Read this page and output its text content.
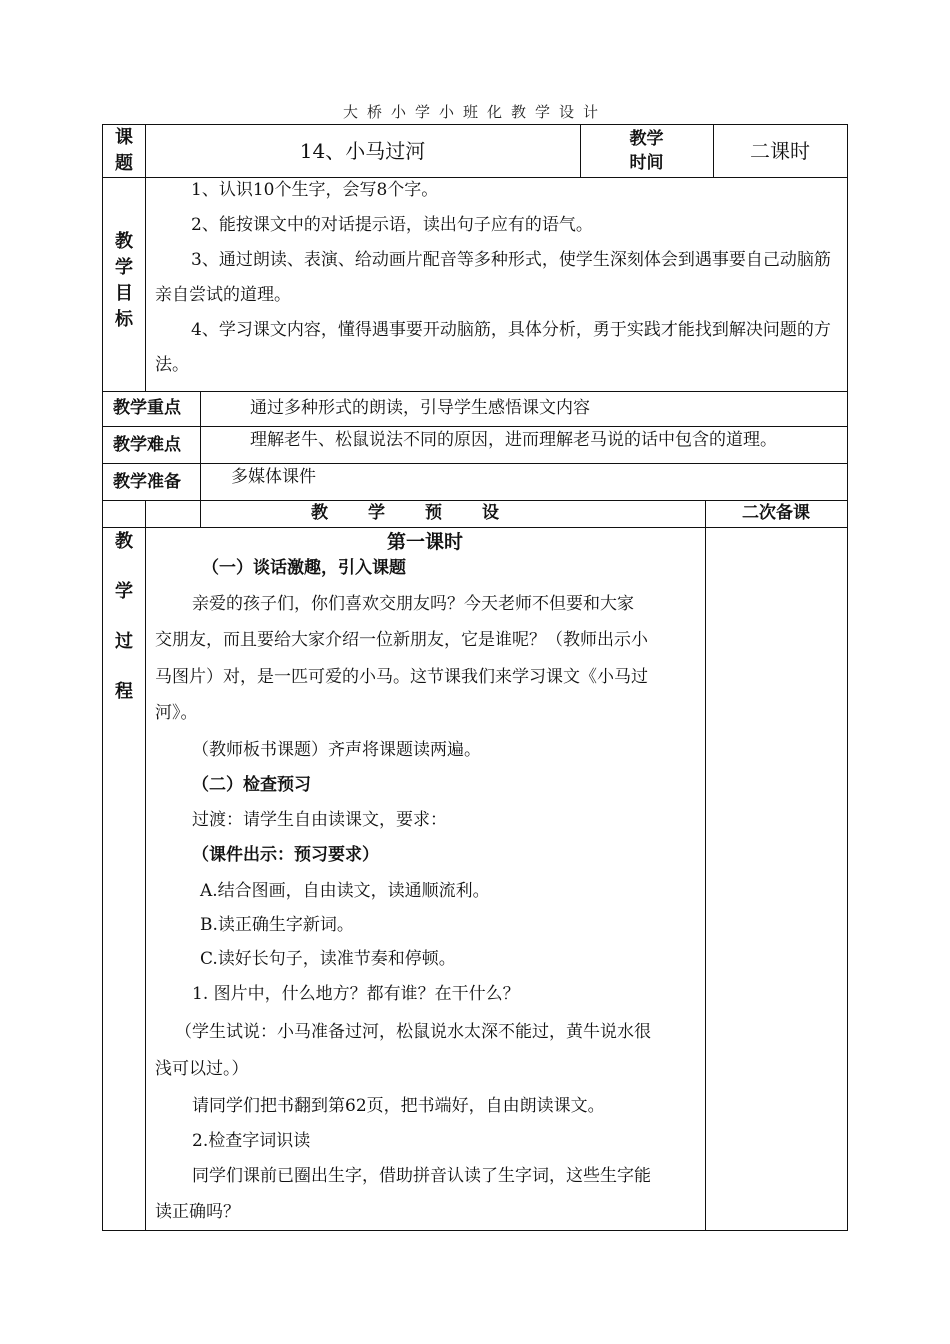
大桥小学小班化教学设计
课
题
14、小马过河	教学
时间	二课时
教
学
目
标

1、认识10个生字，会写8个字。

2、能按课文中的对话提示语，读出句子应有的语气。

3、通过朗读、表演、给动画片配音等多种形式，使学生深刻体会到遇事要自己动脑筋亲自尝试的道理。

4、学习课文内容，懂得遇事要开动脑筋，具体分析，勇于实践才能找到解决问题的方法。

教学重点	通过多种形式的朗读，引导学生感悟课文内容
教学难点	理解老牛、松鼠说法不同的原因，进而理解老马说的话中包含的道理。
教学准备	多媒体课件
教学预设	二次备课
教
学
过
程
第一课时
（一）谈话激趣，引入课题
亲爱的孩子们，你们喜欢交朋友吗？今天老师不但要和大家
交朋友，而且要给大家介绍一位新朋友，它是谁呢？（教师出示小
马图片）对，是一匹可爱的小马。这节课我们来学习课文《小马过
河》。
（教师板书课题）齐声将课题读两遍。
（二）检查预习
过渡：请学生自由读课文，要求：
（课件出示：预习要求）
A.结合图画，自由读文，读通顺流利。
B.读正确生字新词。
C.读好长句子，读准节奏和停顿。
1. 图片中，什么地方？都有谁？在干什么？
（学生试说：小马准备过河，松鼠说水太深不能过，黄牛说水很
浅可以过。）
请同学们把书翻到第62页，把书端好，自由朗读课文。
2.检查字词识读
同学们课前已圈出生字，借助拼音认读了生字词，这些生字能
读正确吗？
